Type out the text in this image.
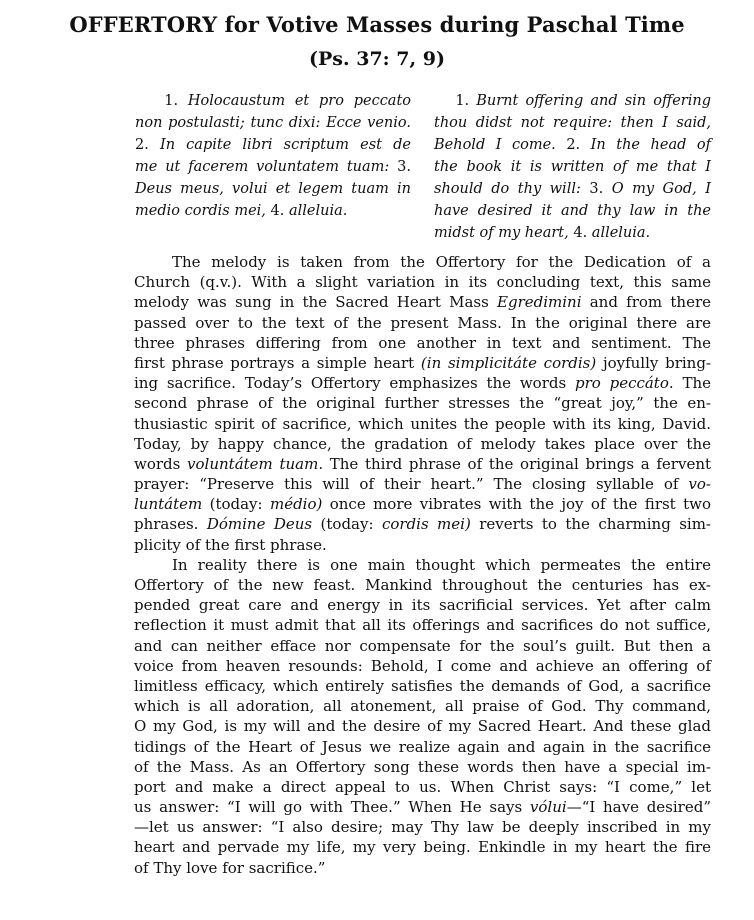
OFFERTORY for Votive Masses during Paschal Time
(Ps. 37: 7, 9)
1. Holocaustum et pro peccato
non postulasti; tunc dixi: Ecce venio.
2. In capite libri scriptum est de
me ut facerem voluntatem tuam: 3.
Deus meus, volui et legem tuam in
medio cordis mei, 4. alleluia.
1. Burnt offering and sin offering
thou didst not require: then I said,
Behold I come. 2. In the head of
the book it is written of me that I
should do thy will: 3. O my God, I
have desired it and thy law in the
midst of my heart, 4. alleluia.
The melody is taken from the Offertory for the Dedication of a
Church (q.v.). With a slight variation in its concluding text, this same
melody was sung in the Sacred Heart Mass Egredimini and from there
passed over to the text of the present Mass. In the original there are
three phrases differing from one another in text and sentiment. The
first phrase portrays a simple heart (in simplicitáte cordis) joyfully bring-
ing sacrifice. Today’s Offertory emphasizes the words pro peccáto. The
second phrase of the original further stresses the “great joy,” the en-
thusiastic spirit of sacrifice, which unites the people with its king, David.
Today, by happy chance, the gradation of melody takes place over the
words voluntátem tuam. The third phrase of the original brings a fervent
prayer: “Preserve this will of their heart.” The closing syllable of vo-
luntátem (today: médio) once more vibrates with the joy of the first two
phrases. Dómine Deus (today: cordis mei) reverts to the charming sim-
plicity of the first phrase.
In reality there is one main thought which permeates the entire
Offertory of the new feast. Mankind throughout the centuries has ex-
pended great care and energy in its sacrificial services. Yet after calm
reflection it must admit that all its offerings and sacrifices do not suffice,
and can neither efface nor compensate for the soul’s guilt. But then a
voice from heaven resounds: Behold, I come and achieve an offering of
limitless efficacy, which entirely satisfies the demands of God, a sacrifice
which is all adoration, all atonement, all praise of God. Thy command,
O my God, is my will and the desire of my Sacred Heart. And these glad
tidings of the Heart of Jesus we realize again and again in the sacrifice
of the Mass. As an Offertory song these words then have a special im-
port and make a direct appeal to us. When Christ says: “I come,” let
us answer: “I will go with Thee.” When He says vólui—“I have desired”
—let us answer: “I also desire; may Thy law be deeply inscribed in my
heart and pervade my life, my very being. Enkindle in my heart the fire
of Thy love for sacrifice.”
